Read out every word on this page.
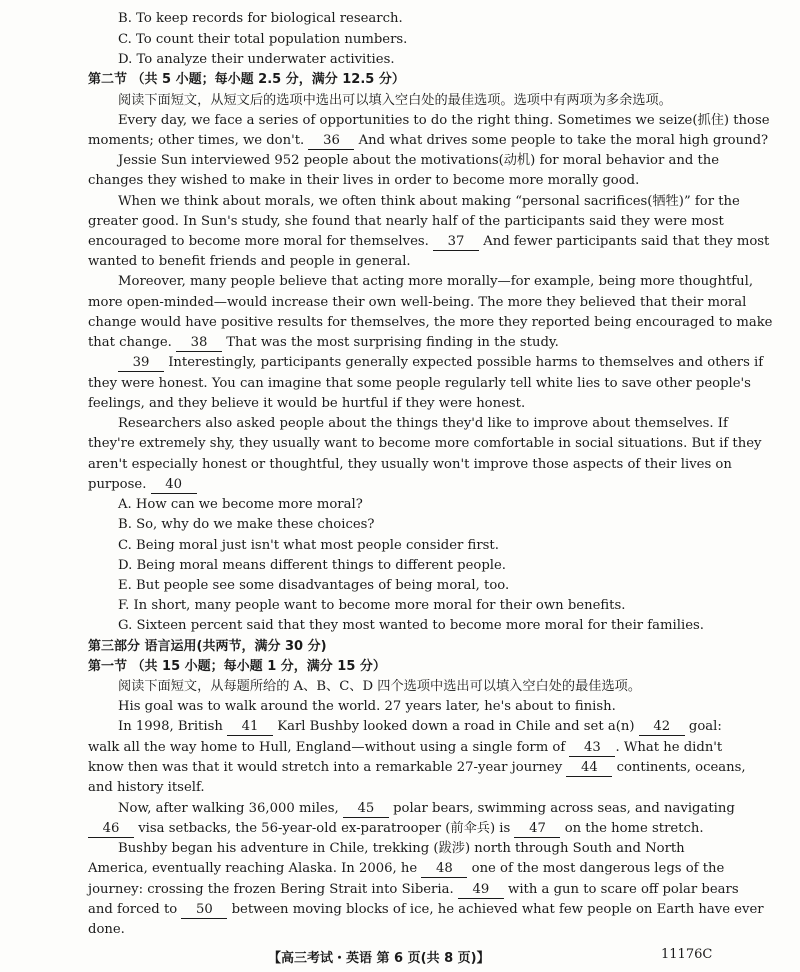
B. To keep records for biological research.
C. To count their total population numbers.
D. To analyze their underwater activities.
第二节 （共 5 小题；每小题 2.5 分，满分 12.5 分）
阅读下面短文，从短文后的选项中选出可以填入空白处的最佳选项。选项中有两项为多余选项。
Every day, we face a series of opportunities to do the right thing. Sometimes we seize(抓住) those
moments; other times, we don't. 36 And what drives some people to take the moral high ground?
Jessie Sun interviewed 952 people about the motivations(动机) for moral behavior and the
changes they wished to make in their lives in order to become more morally good.
When we think about morals, we often think about making “personal sacrifices(牺牲)” for the
greater good. In Sun's study, she found that nearly half of the participants said they were most
encouraged to become more moral for themselves. 37 And fewer participants said that they most
wanted to benefit friends and people in general.
Moreover, many people believe that acting more morally—for example, being more thoughtful,
more open-minded—would increase their own well-being. The more they believed that their moral
change would have positive results for themselves, the more they reported being encouraged to make
that change. 38 That was the most surprising finding in the study.
39 Interestingly, participants generally expected possible harms to themselves and others if
they were honest. You can imagine that some people regularly tell white lies to save other people's
feelings, and they believe it would be hurtful if they were honest.
Researchers also asked people about the things they'd like to improve about themselves. If
they're extremely shy, they usually want to become more comfortable in social situations. But if they
aren't especially honest or thoughtful, they usually won't improve those aspects of their lives on
purpose. 40
A. How can we become more moral?
B. So, why do we make these choices?
C. Being moral just isn't what most people consider first.
D. Being moral means different things to different people.
E. But people see some disadvantages of being moral, too.
F. In short, many people want to become more moral for their own benefits.
G. Sixteen percent said that they most wanted to become more moral for their families.
第三部分 语言运用(共两节，满分 30 分)
第一节 （共 15 小题；每小题 1 分，满分 15 分）
阅读下面短文，从每题所给的 A、B、C、D 四个选项中选出可以填入空白处的最佳选项。
His goal was to walk around the world. 27 years later, he's about to finish.
In 1998, British 41 Karl Bushby looked down a road in Chile and set a(n) 42 goal:
walk all the way home to Hull, England—without using a single form of 43 . What he didn't
know then was that it would stretch into a remarkable 27-year journey 44 continents, oceans,
and history itself.
Now, after walking 36,000 miles, 45 polar bears, swimming across seas, and navigating
46 visa setbacks, the 56-year-old ex-paratrooper (前伞兵) is 47 on the home stretch.
Bushby began his adventure in Chile, trekking (跋涉) north through South and North
America, eventually reaching Alaska. In 2006, he 48 one of the most dangerous legs of the
journey: crossing the frozen Bering Strait into Siberia. 49 with a gun to scare off polar bears
and forced to 50 between moving blocks of ice, he achieved what few people on Earth have ever
done.
【高三考试・英语 第 6 页(共 8 页)】	11176C
